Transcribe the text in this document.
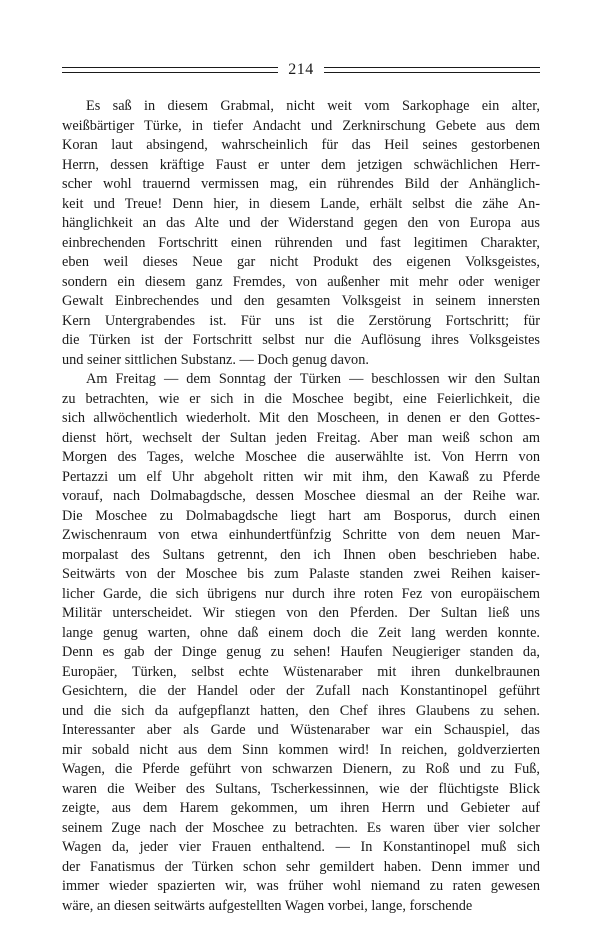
214
Es saß in diesem Grabmal, nicht weit vom Sarkophage ein alter,
weißbärtiger Türke, in tiefer Andacht und Zerknirschung Gebete aus dem
Koran laut absingend, wahrscheinlich für das Heil seines gestorbenen
Herrn, dessen kräftige Faust er unter dem jetzigen schwächlichen Herr-
scher wohl trauernd vermissen mag, ein rührendes Bild der Anhänglich-
keit und Treue! Denn hier, in diesem Lande, erhält selbst die zähe An-
hänglichkeit an das Alte und der Widerstand gegen den von Europa aus
einbrechenden Fortschritt einen rührenden und fast legitimen Charakter,
eben weil dieses Neue gar nicht Produkt des eigenen Volksgeistes,
sondern ein diesem ganz Fremdes, von außenher mit mehr oder weniger
Gewalt Einbrechendes und den gesamten Volksgeist in seinem innersten
Kern Untergrabendes ist. Für uns ist die Zerstörung Fortschritt; für
die Türken ist der Fortschritt selbst nur die Auflösung ihres Volksgeistes
und seiner sittlichen Substanz. — Doch genug davon.
Am Freitag — dem Sonntag der Türken — beschlossen wir den Sultan
zu betrachten, wie er sich in die Moschee begibt, eine Feierlichkeit, die
sich allwöchentlich wiederholt. Mit den Moscheen, in denen er den Gottes-
dienst hört, wechselt der Sultan jeden Freitag. Aber man weiß schon am
Morgen des Tages, welche Moschee die auserwählte ist. Von Herrn von
Pertazzi um elf Uhr abgeholt ritten wir mit ihm, den Kawaß zu Pferde
vorauf, nach Dolmabagdsche, dessen Moschee diesmal an der Reihe war.
Die Moschee zu Dolmabagdsche liegt hart am Bosporus, durch einen
Zwischenraum von etwa einhundertfünfzig Schritte von dem neuen Mar-
morpalast des Sultans getrennt, den ich Ihnen oben beschrieben habe.
Seitwärts von der Moschee bis zum Palaste standen zwei Reihen kaiser-
licher Garde, die sich übrigens nur durch ihre roten Fez von europäischem
Militär unterscheidet. Wir stiegen von den Pferden. Der Sultan ließ uns
lange genug warten, ohne daß einem doch die Zeit lang werden konnte.
Denn es gab der Dinge genug zu sehen! Haufen Neugieriger standen da,
Europäer, Türken, selbst echte Wüstenaraber mit ihren dunkelbraunen
Gesichtern, die der Handel oder der Zufall nach Konstantinopel geführt
und die sich da aufgepflanzt hatten, den Chef ihres Glaubens zu sehen.
Interessanter aber als Garde und Wüstenaraber war ein Schauspiel, das
mir sobald nicht aus dem Sinn kommen wird! In reichen, goldverzierten
Wagen, die Pferde geführt von schwarzen Dienern, zu Roß und zu Fuß,
waren die Weiber des Sultans, Tscherkessinnen, wie der flüchtigste Blick
zeigte, aus dem Harem gekommen, um ihren Herrn und Gebieter auf
seinem Zuge nach der Moschee zu betrachten. Es waren über vier solcher
Wagen da, jeder vier Frauen enthaltend. — In Konstantinopel muß sich
der Fanatismus der Türken schon sehr gemildert haben. Denn immer und
immer wieder spazierten wir, was früher wohl niemand zu raten gewesen
wäre, an diesen seitwärts aufgestellten Wagen vorbei, lange, forschende
